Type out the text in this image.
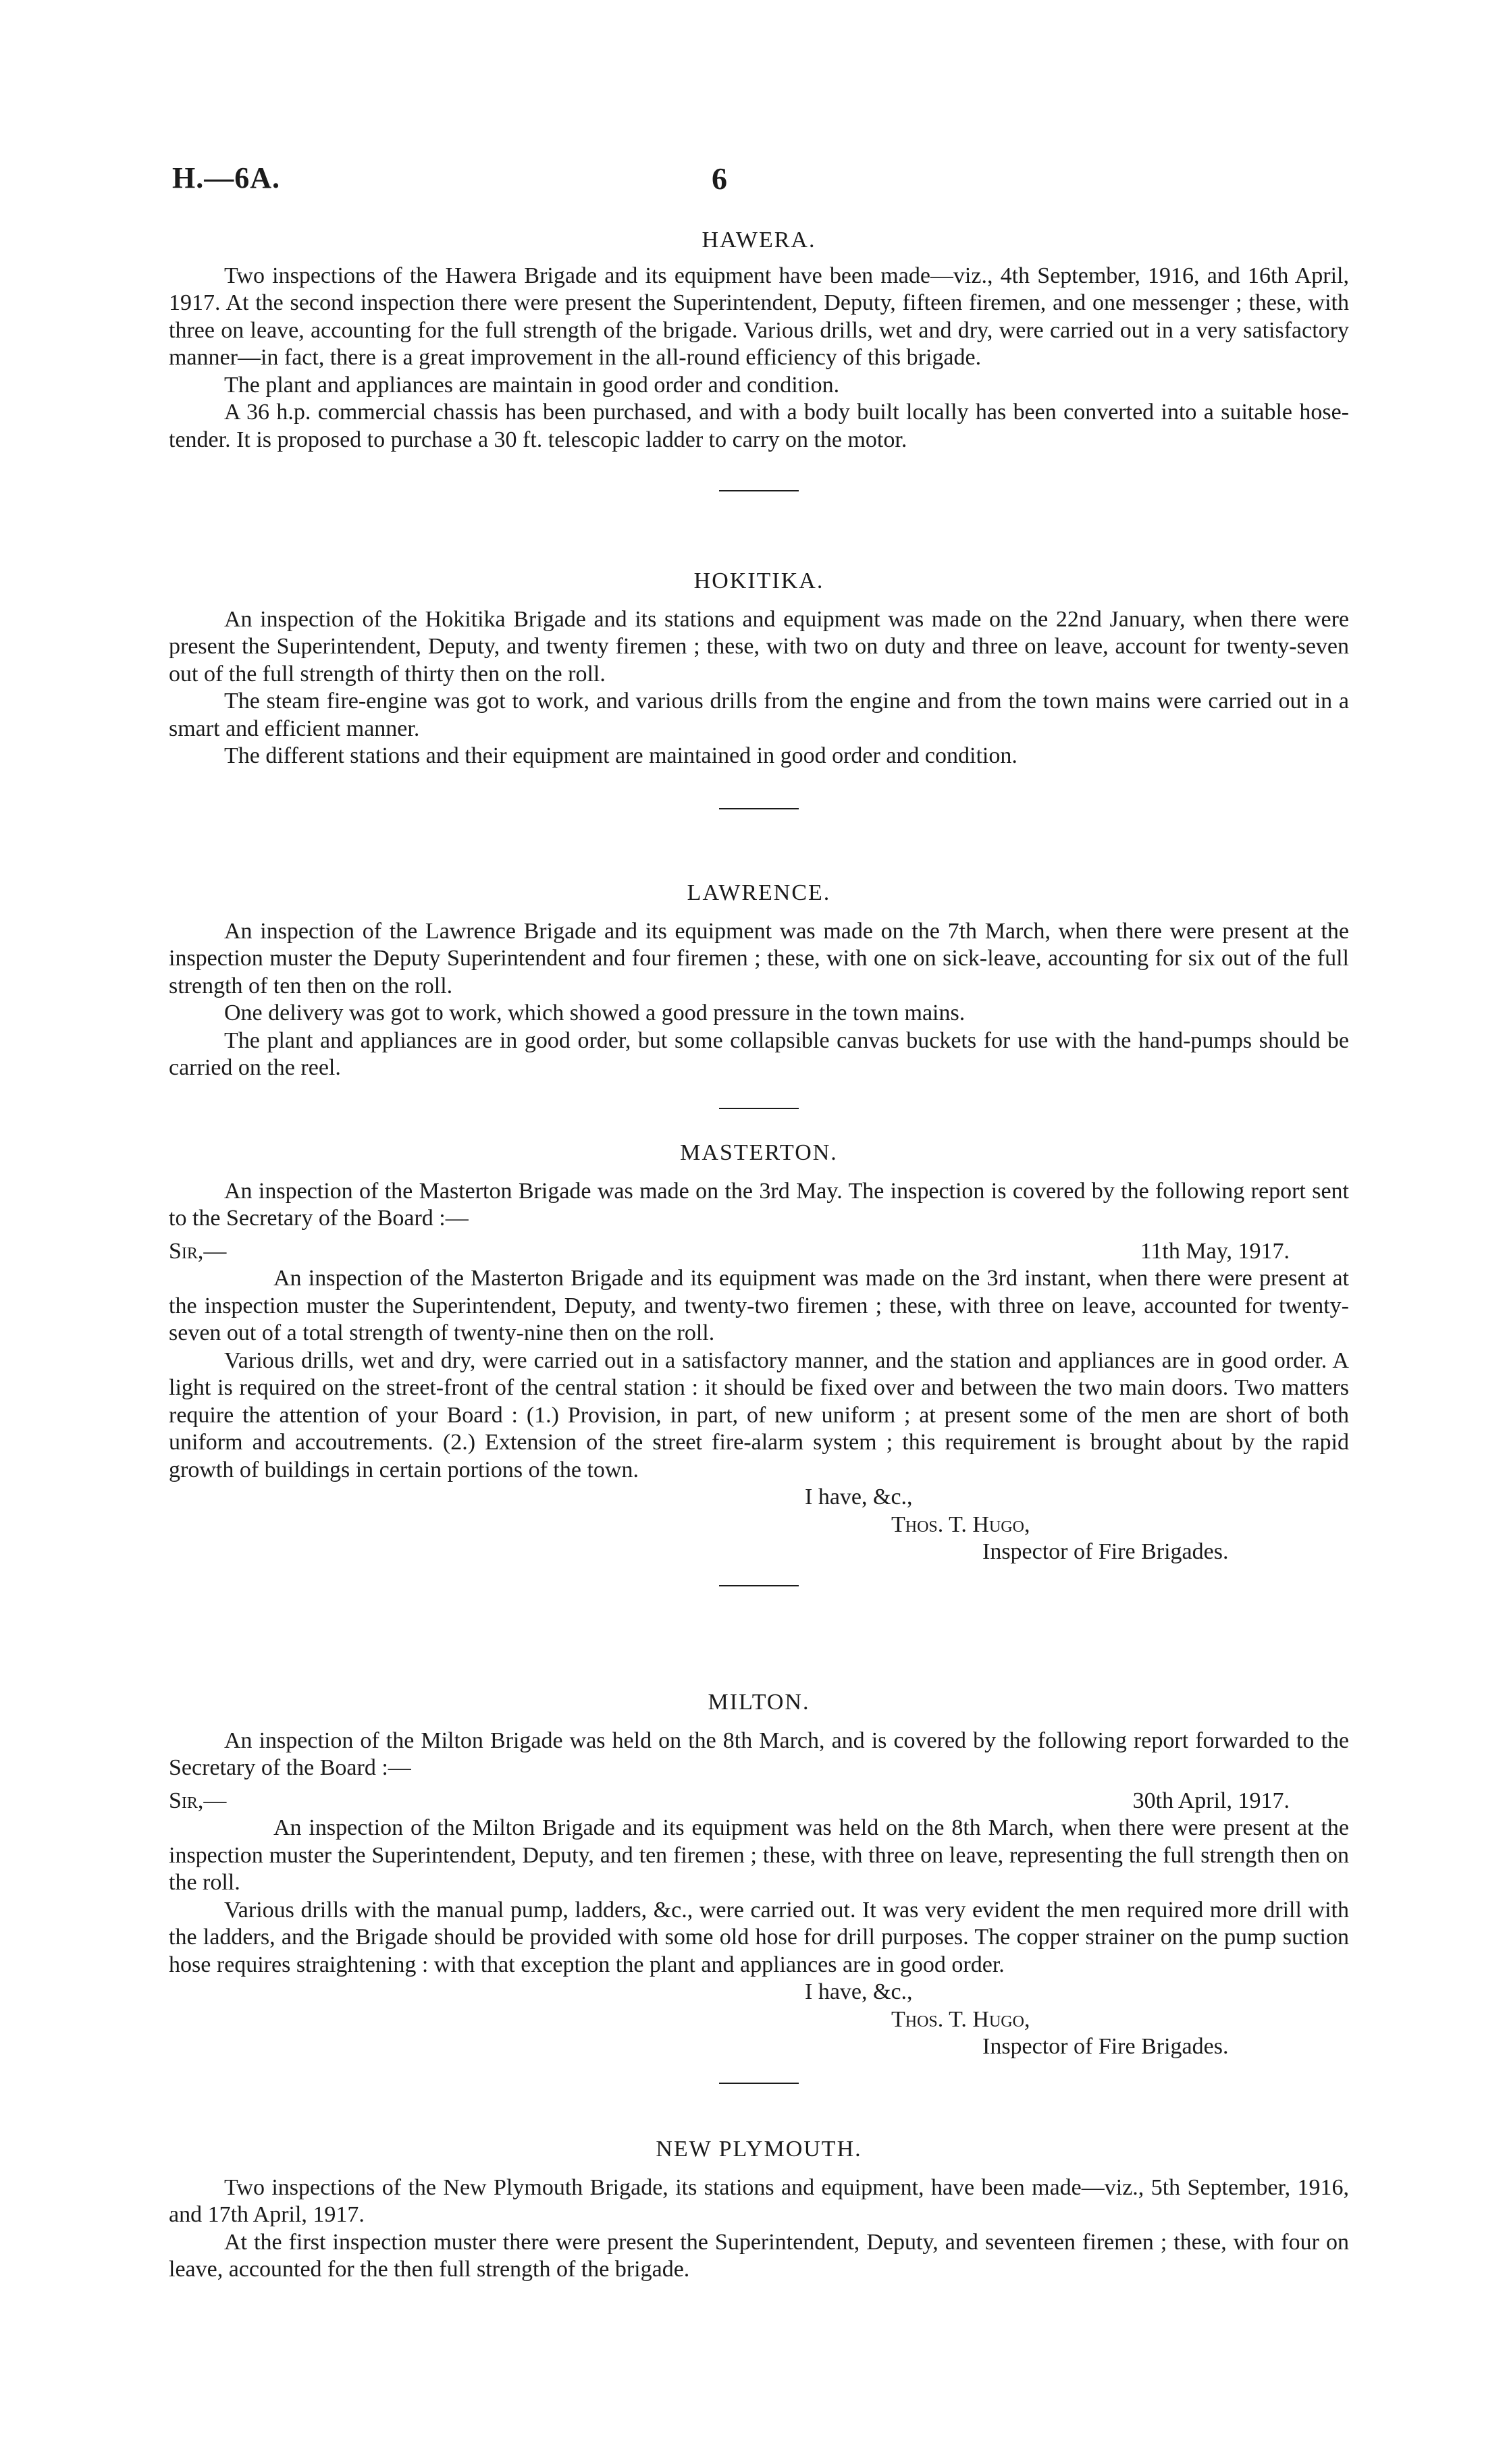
H.—6A.	6
HAWERA.

Two inspections of the Hawera Brigade and its equipment have been made—viz., 4th September, 1916, and 16th April, 1917. At the second inspection there were present the Superintendent, Deputy, fifteen firemen, and one messenger ; these, with three on leave, accounting for the full strength of the brigade. Various drills, wet and dry, were carried out in a very satisfactory manner—in fact, there is a great improvement in the all-round efficiency of this brigade.

The plant and appliances are maintain in good order and condition.

A 36 h.p. commercial chassis has been purchased, and with a body built locally has been converted into a suitable hose-tender. It is proposed to purchase a 30 ft. telescopic ladder to carry on the motor.

HOKITIKA.

An inspection of the Hokitika Brigade and its stations and equipment was made on the 22nd January, when there were present the Superintendent, Deputy, and twenty firemen ; these, with two on duty and three on leave, account for twenty-seven out of the full strength of thirty then on the roll.

The steam fire-engine was got to work, and various drills from the engine and from the town mains were carried out in a smart and efficient manner.

The different stations and their equipment are maintained in good order and condition.

LAWRENCE.

An inspection of the Lawrence Brigade and its equipment was made on the 7th March, when there were present at the inspection muster the Deputy Superintendent and four firemen ; these, with one on sick-leave, accounting for six out of the full strength of ten then on the roll.

One delivery was got to work, which showed a good pressure in the town mains.

The plant and appliances are in good order, but some collapsible canvas buckets for use with the hand-pumps should be carried on the reel.

MASTERTON.

An inspection of the Masterton Brigade was made on the 3rd May. The inspection is covered by the following report sent to the Secretary of the Board :—

Sir,—	11th May, 1917.

An inspection of the Masterton Brigade and its equipment was made on the 3rd instant, when there were present at the inspection muster the Superintendent, Deputy, and twenty-two firemen ; these, with three on leave, accounted for twenty-seven out of a total strength of twenty-nine then on the roll.

Various drills, wet and dry, were carried out in a satisfactory manner, and the station and appliances are in good order. A light is required on the street-front of the central station : it should be fixed over and between the two main doors. Two matters require the attention of your Board : (1.) Provision, in part, of new uniform ; at present some of the men are short of both uniform and accoutrements. (2.) Extension of the street fire-alarm system ; this requirement is brought about by the rapid growth of buildings in certain portions of the town.

I have, &c.,
Thos. T. Hugo,
Inspector of Fire Brigades.
MILTON.

An inspection of the Milton Brigade was held on the 8th March, and is covered by the following report forwarded to the Secretary of the Board :—

Sir,—	30th April, 1917.

An inspection of the Milton Brigade and its equipment was held on the 8th March, when there were present at the inspection muster the Superintendent, Deputy, and ten firemen ; these, with three on leave, representing the full strength then on the roll.

Various drills with the manual pump, ladders, &c., were carried out. It was very evident the men required more drill with the ladders, and the Brigade should be provided with some old hose for drill purposes. The copper strainer on the pump suction hose requires straightening : with that exception the plant and appliances are in good order.

I have, &c.,
Thos. T. Hugo,
Inspector of Fire Brigades.
NEW PLYMOUTH.

Two inspections of the New Plymouth Brigade, its stations and equipment, have been made—viz., 5th September, 1916, and 17th April, 1917.

At the first inspection muster there were present the Superintendent, Deputy, and seventeen firemen ; these, with four on leave, accounted for the then full strength of the brigade.
